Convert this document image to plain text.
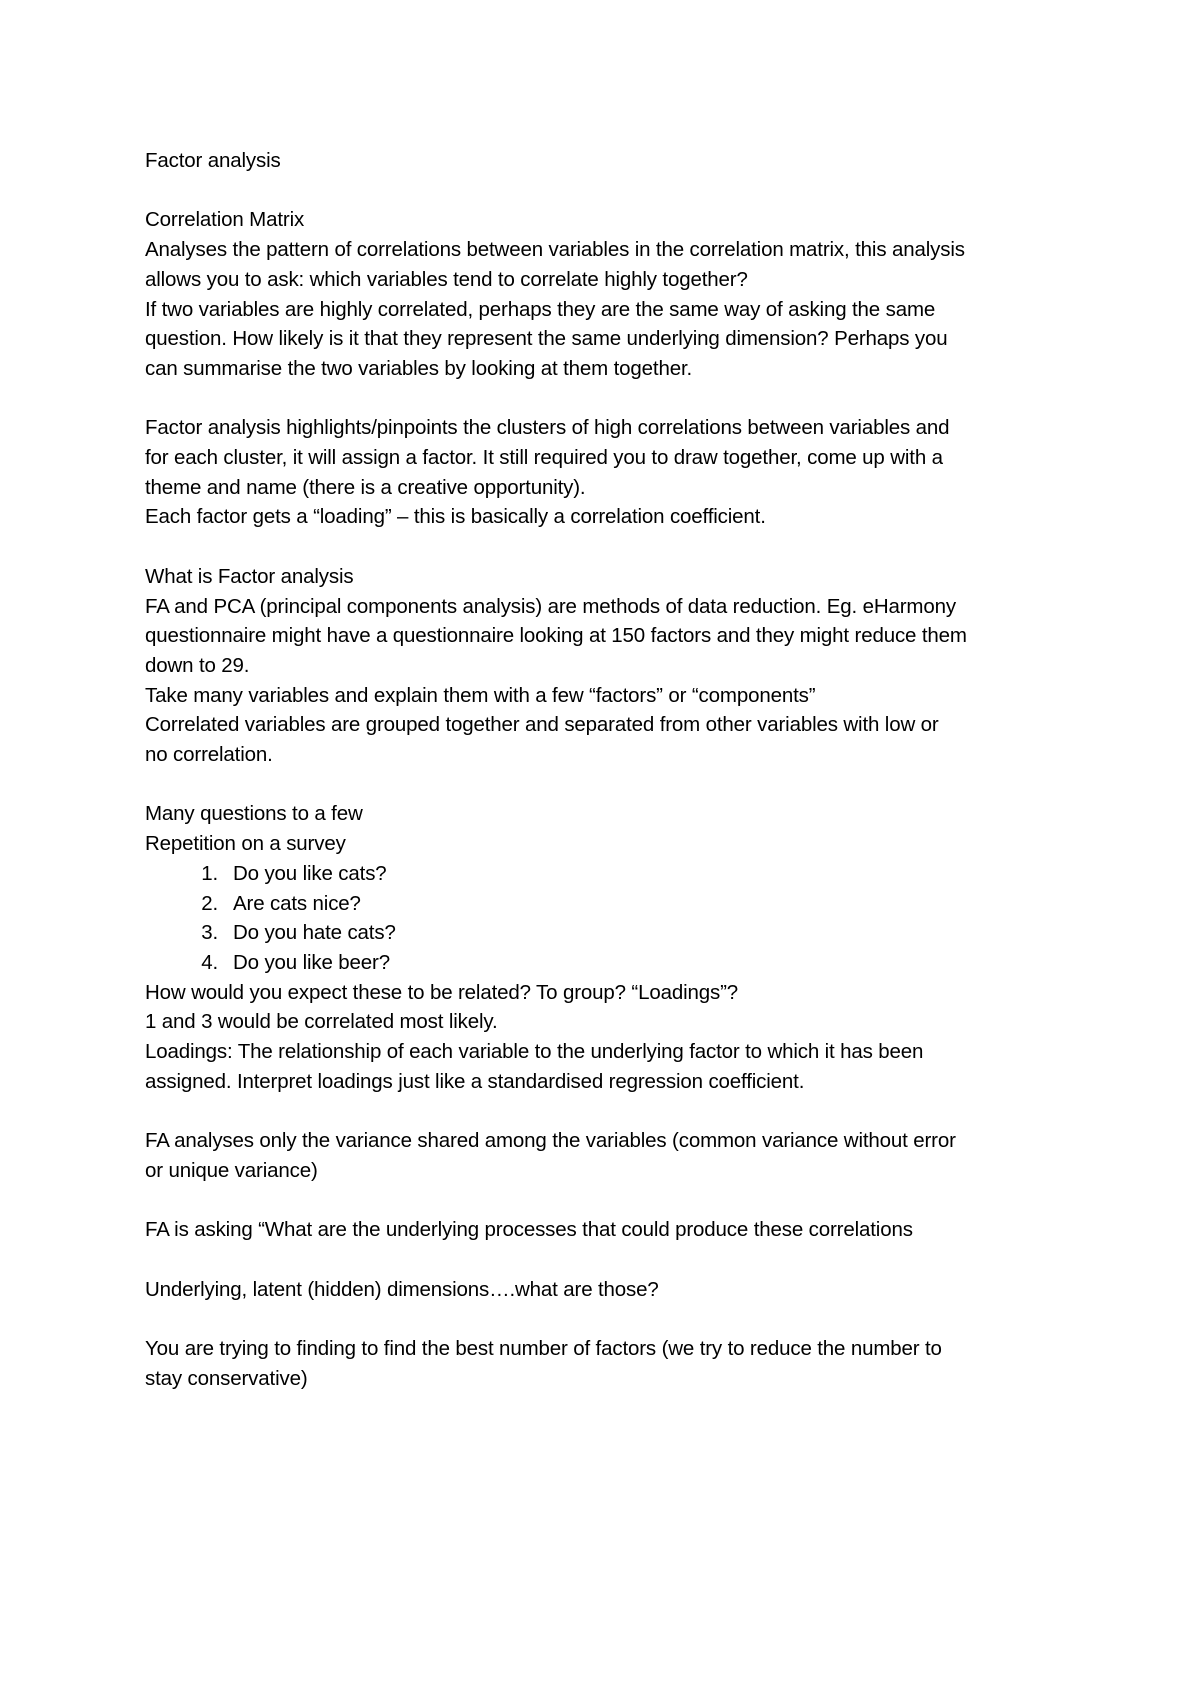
Factor analysis

Correlation Matrix

Analyses the pattern of correlations between variables in the correlation matrix, this analysis

allows you to ask: which variables tend to correlate highly together?

If two variables are highly correlated, perhaps they are the same way of asking the same

question. How likely is it that they represent the same underlying dimension? Perhaps you

can summarise the two variables by looking at them together.

Factor analysis highlights/pinpoints the clusters of high correlations between variables and

for each cluster, it will assign a factor. It still required you to draw together, come up with a

theme and name (there is a creative opportunity).

Each factor gets a “loading” – this is basically a correlation coefficient.

What is Factor analysis

FA and PCA (principal components analysis) are methods of data reduction. Eg. eHarmony

questionnaire might have a questionnaire looking at 150 factors and they might reduce them

down to 29.

Take many variables and explain them with a few “factors” or “components”

Correlated variables are grouped together and separated from other variables with low or

no correlation.

Many questions to a few

Repetition on a survey

1. Do you like cats?
2. Are cats nice?
3. Do you hate cats?
4. Do you like beer?

How would you expect these to be related? To group? “Loadings”?

1 and 3 would be correlated most likely.

Loadings: The relationship of each variable to the underlying factor to which it has been

assigned. Interpret loadings just like a standardised regression coefficient.

FA analyses only the variance shared among the variables (common variance without error

or unique variance)

FA is asking “What are the underlying processes that could produce these correlations

Underlying, latent (hidden) dimensions….what are those?

You are trying to finding to find the best number of factors (we try to reduce the number to

stay conservative)
